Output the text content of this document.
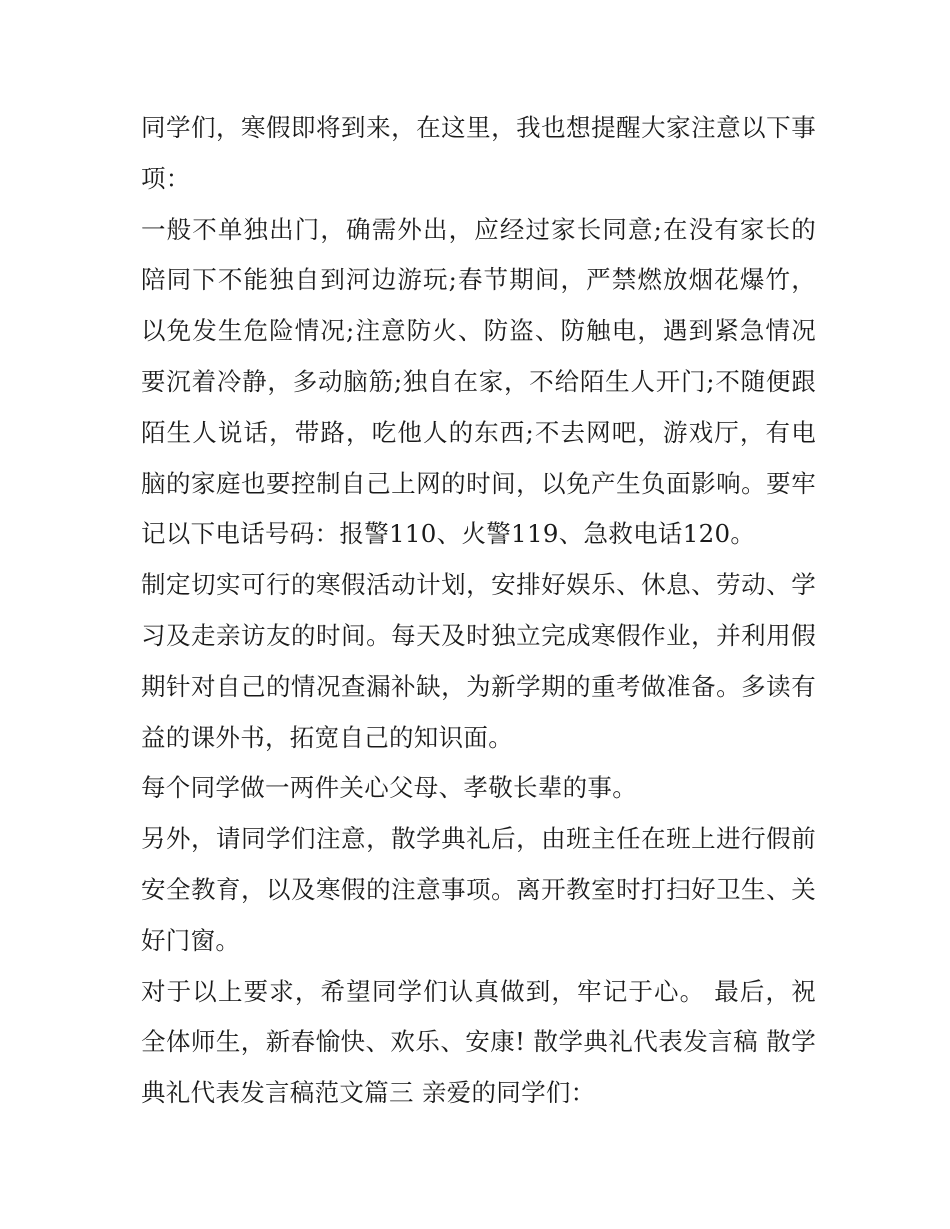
同学们，寒假即将到来，在这里，我也想提醒大家注意以下事项：

一般不单独出门，确需外出，应经过家长同意;在没有家长的陪同下不能独自到河边游玩;春节期间，严禁燃放烟花爆竹，以免发生危险情况;注意防火、防盗、防触电，遇到紧急情况要沉着冷静，多动脑筋;独自在家，不给陌生人开门;不随便跟陌生人说话，带路，吃他人的东西;不去网吧，游戏厅，有电脑的家庭也要控制自己上网的时间，以免产生负面影响。要牢记以下电话号码：报警110、火警119、急救电话120。

制定切实可行的寒假活动计划，安排好娱乐、休息、劳动、学习及走亲访友的时间。每天及时独立完成寒假作业，并利用假期针对自己的情况查漏补缺，为新学期的重考做准备。多读有益的课外书，拓宽自己的知识面。

每个同学做一两件关心父母、孝敬长辈的事。

另外，请同学们注意，散学典礼后，由班主任在班上进行假前安全教育，以及寒假的注意事项。离开教室时打扫好卫生、关好门窗。

对于以上要求，希望同学们认真做到，牢记于心。 最后，祝全体师生，新春愉快、欢乐、安康! 散学典礼代表发言稿 散学典礼代表发言稿范文篇三 亲爱的同学们：
